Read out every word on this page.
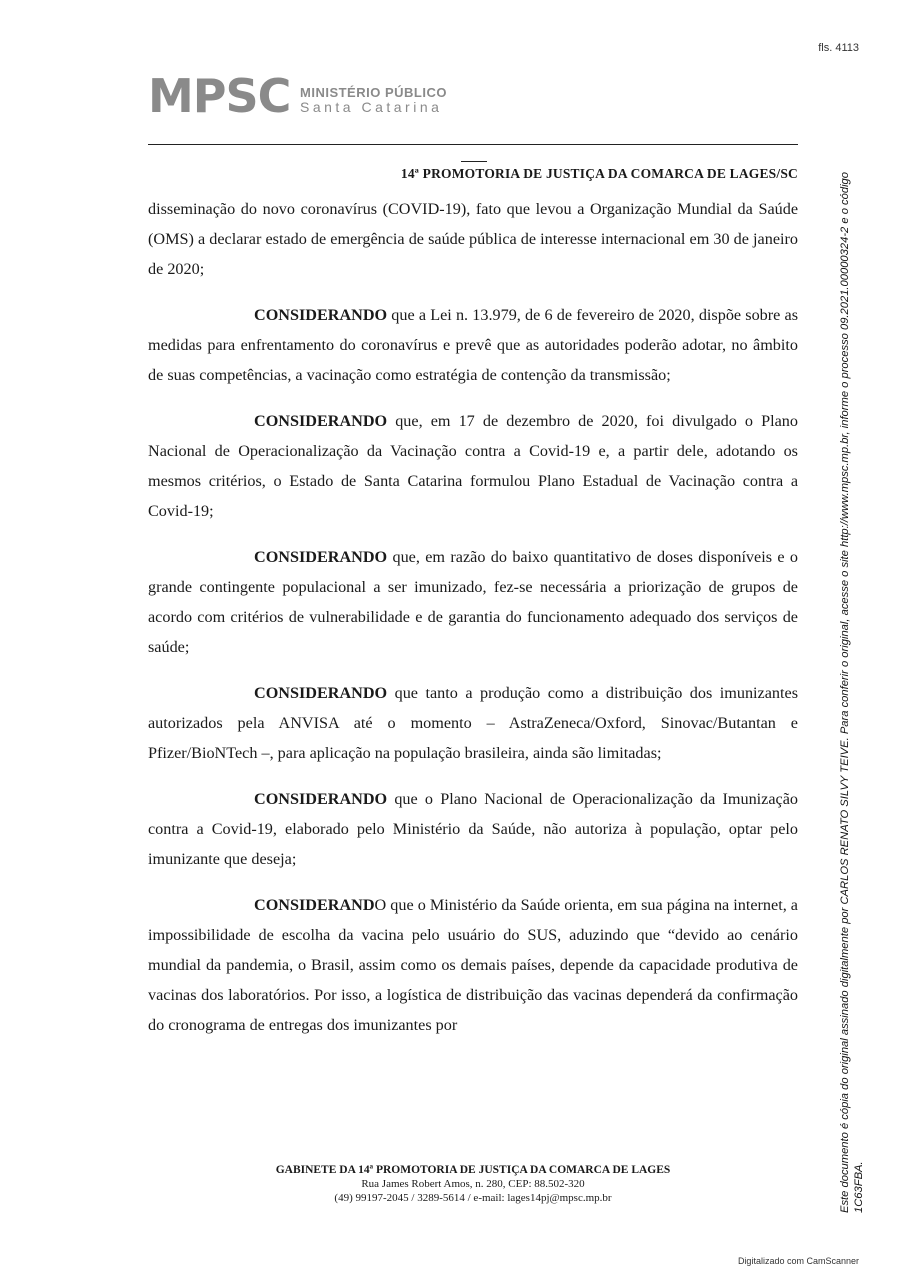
fls. 4113
MPSC MINISTÉRIO PÚBLICO
Santa Catarina
14ª PROMOTORIA DE JUSTIÇA DA COMARCA DE LAGES/SC

disseminação do novo coronavírus (COVID-19), fato que levou a Organização Mundial da Saúde (OMS) a declarar estado de emergência de saúde pública de interesse internacional em 30 de janeiro de 2020;

CONSIDERANDO que a Lei n. 13.979, de 6 de fevereiro de 2020, dispõe sobre as medidas para enfrentamento do coronavírus e prevê que as autoridades poderão adotar, no âmbito de suas competências, a vacinação como estratégia de contenção da transmissão;

CONSIDERANDO que, em 17 de dezembro de 2020, foi divulgado o Plano Nacional de Operacionalização da Vacinação contra a Covid-19 e, a partir dele, adotando os mesmos critérios, o Estado de Santa Catarina formulou Plano Estadual de Vacinação contra a Covid-19;

CONSIDERANDO que, em razão do baixo quantitativo de doses disponíveis e o grande contingente populacional a ser imunizado, fez-se necessária a priorização de grupos de acordo com critérios de vulnerabilidade e de garantia do funcionamento adequado dos serviços de saúde;

CONSIDERANDO que tanto a produção como a distribuição dos imunizantes autorizados pela ANVISA até o momento – AstraZeneca/Oxford, Sinovac/Butantan e Pfizer/BioNTech –, para aplicação na população brasileira, ainda são limitadas;

CONSIDERANDO que o Plano Nacional de Operacionalização da Imunização contra a Covid-19, elaborado pelo Ministério da Saúde, não autoriza à população, optar pelo imunizante que deseja;

CONSIDERANDO que o Ministério da Saúde orienta, em sua página na internet, a impossibilidade de escolha da vacina pelo usuário do SUS, aduzindo que “devido ao cenário mundial da pandemia, o Brasil, assim como os demais países, depende da capacidade produtiva de vacinas dos laboratórios. Por isso, a logística de distribuição das vacinas dependerá da confirmação do cronograma de entregas dos imunizantes por

GABINETE DA 14ª PROMOTORIA DE JUSTIÇA DA COMARCA DE LAGES
Rua James Robert Amos, n. 280, CEP: 88.502-320
(49) 99197-2045 / 3289-5614 / e-mail: lages14pj@mpsc.mp.br	Este documento é cópia do original assinado digitalmente por CARLOS RENATO SILVY TEIVE. Para conferir o original, acesse o site http://www.mpsc.mp.br, informe o processo 09.2021.00000324-2 e o código 1C63FBA.
Digitalizado com CamScanner
